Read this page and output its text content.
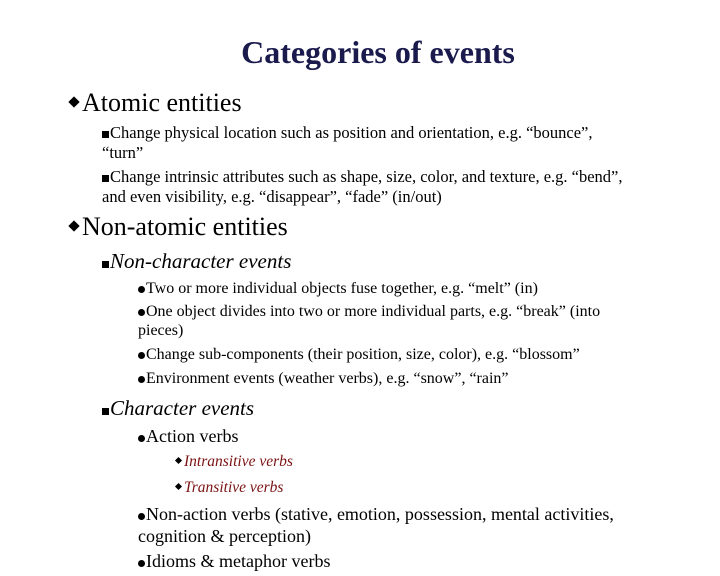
Categories of events
Atomic entities
Change physical location such as position and orientation, e.g. “bounce”,
“turn”
Change intrinsic attributes such as shape, size, color, and texture, e.g. “bend”,
and even visibility, e.g. “disappear”, “fade” (in/out)
Non-atomic entities
Non-character events
Two or more individual objects fuse together, e.g. “melt” (in)
One object divides into two or more individual parts, e.g. “break” (into
pieces)
Change sub-components (their position, size, color), e.g. “blossom”
Environment events (weather verbs), e.g. “snow”, “rain”
Character events
Action verbs
Intransitive verbs
Transitive verbs
Non-action verbs (stative, emotion, possession, mental activities,
cognition & perception)
Idioms & metaphor verbs
